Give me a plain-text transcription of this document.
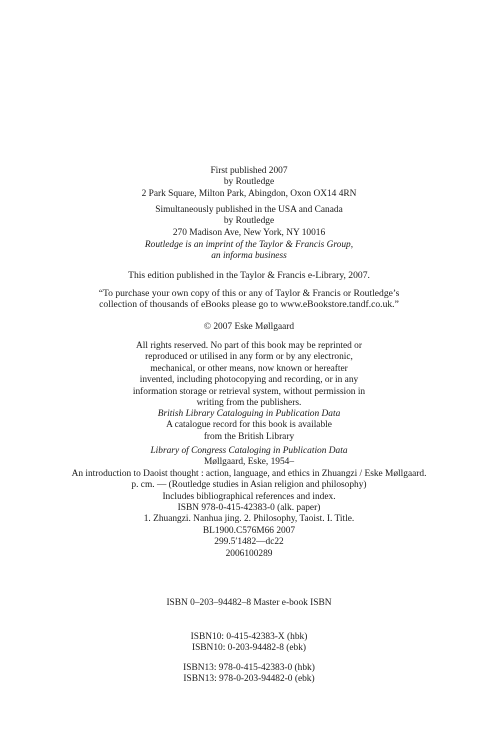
First published 2007
by Routledge
2 Park Square, Milton Park, Abingdon, Oxon OX14 4RN
Simultaneously published in the USA and Canada
by Routledge
270 Madison Ave, New York, NY 10016
Routledge is an imprint of the Taylor & Francis Group,
an informa business
This edition published in the Taylor & Francis e-Library, 2007.
“To purchase your own copy of this or any of Taylor & Francis or Routledge’s
collection of thousands of eBooks please go to www.eBookstore.tandf.co.uk.”
© 2007 Eske Møllgaard
All rights reserved. No part of this book may be reprinted or
reproduced or utilised in any form or by any electronic,
mechanical, or other means, now known or hereafter
invented, including photocopying and recording, or in any
information storage or retrieval system, without permission in
writing from the publishers.
British Library Cataloguing in Publication Data
A catalogue record for this book is available
from the British Library
Library of Congress Cataloging in Publication Data
Møllgaard, Eske, 1954–
An introduction to Daoist thought : action, language, and ethics in Zhuangzi / Eske Møllgaard.
p. cm. — (Routledge studies in Asian religion and philosophy)
Includes bibliographical references and index.
ISBN 978-0-415-42383-0 (alk. paper)
1. Zhuangzi. Nanhua jing. 2. Philosophy, Taoist. I. Title.
BL1900.C576M66 2007
299.5′1482—dc22
2006100289
ISBN 0–203–94482–8 Master e-book ISBN
ISBN10: 0-415-42383-X (hbk)
ISBN10: 0-203-94482-8 (ebk)
ISBN13: 978-0-415-42383-0 (hbk)
ISBN13: 978-0-203-94482-0 (ebk)
